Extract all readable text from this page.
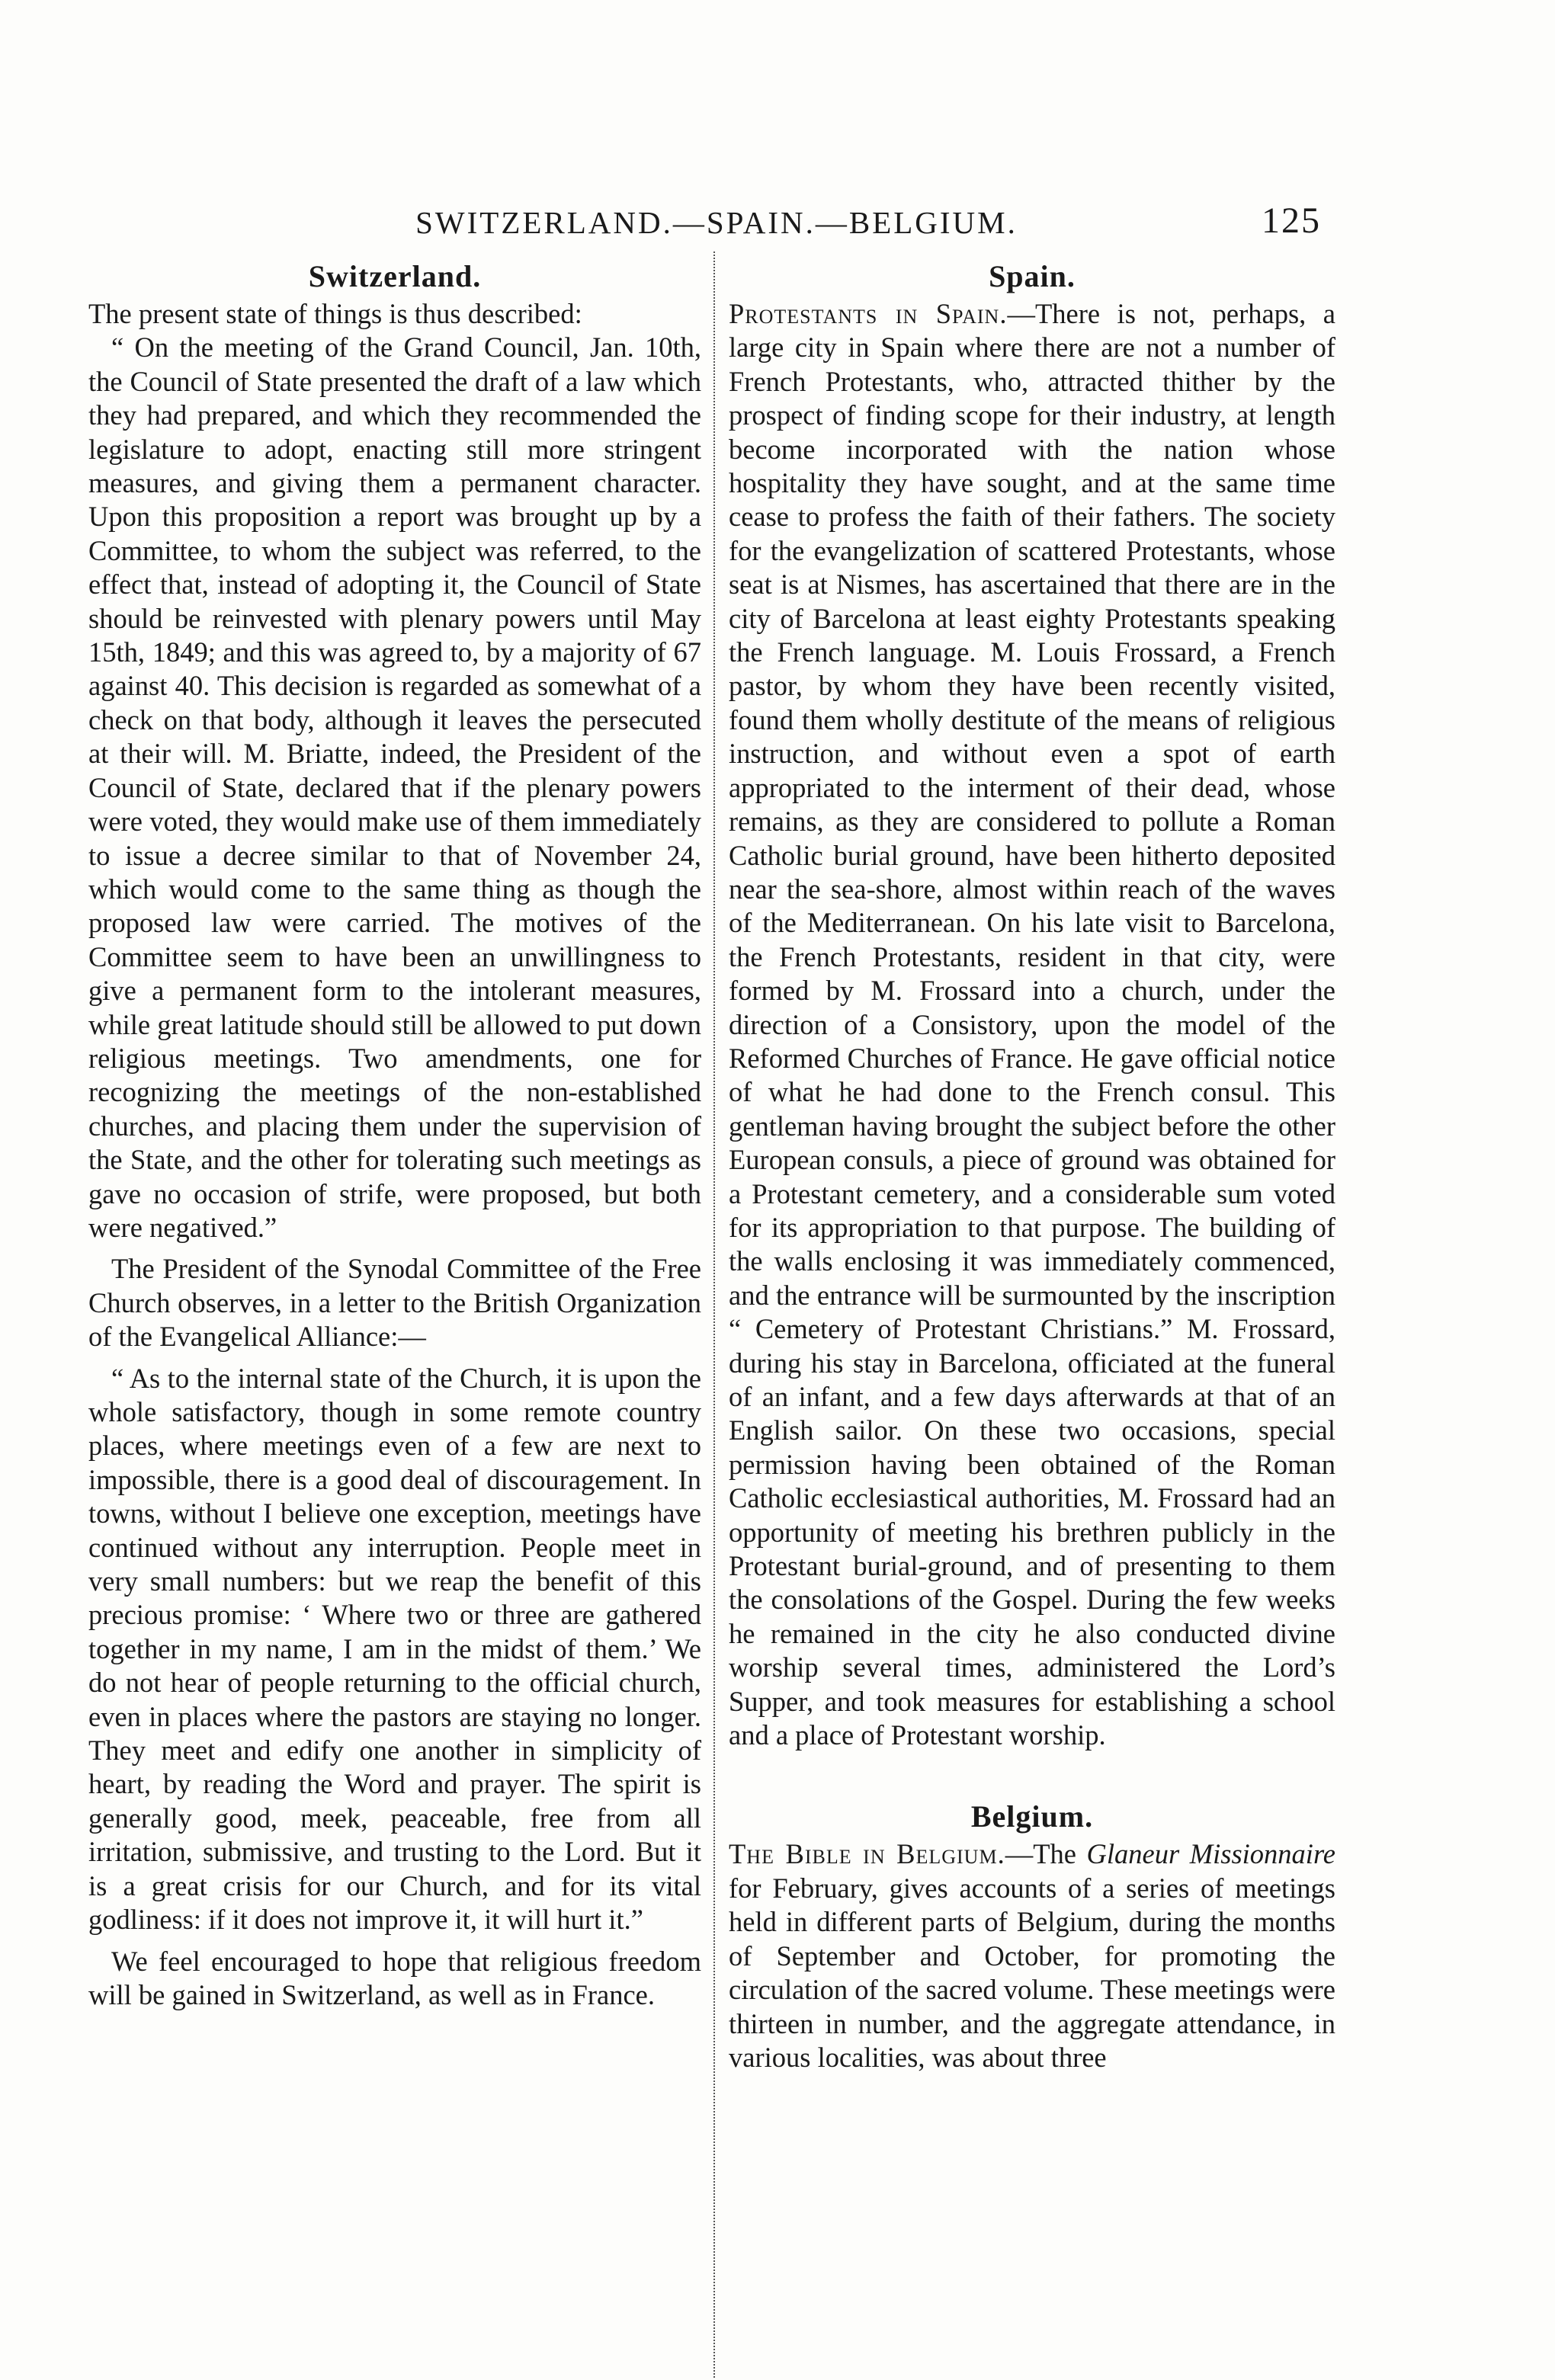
SWITZERLAND.—SPAIN.—BELGIUM.	125
Switzerland.

The present state of things is thus described:

“ On the meeting of the Grand Council, Jan. 10th, the Council of State presented the draft of a law which they had prepared, and which they recommended the legislature to adopt, enacting still more stringent measures, and giving them a permanent character. Upon this proposition a report was brought up by a Committee, to whom the subject was referred, to the effect that, instead of adopting it, the Council of State should be reinvested with plenary powers until May 15th, 1849; and this was agreed to, by a majority of 67 against 40. This decision is regarded as somewhat of a check on that body, although it leaves the persecuted at their will. M. Briatte, indeed, the President of the Council of State, declared that if the plenary powers were voted, they would make use of them immediately to issue a decree similar to that of November 24, which would come to the same thing as though the proposed law were carried. The motives of the Committee seem to have been an unwillingness to give a permanent form to the intolerant measures, while great latitude should still be allowed to put down religious meetings. Two amendments, one for recognizing the meetings of the non-established churches, and placing them under the supervision of the State, and the other for tolerating such meetings as gave no occasion of strife, were proposed, but both were negatived.”

The President of the Synodal Committee of the Free Church observes, in a letter to the British Organization of the Evangelical Alliance:—

“ As to the internal state of the Church, it is upon the whole satisfactory, though in some remote country places, where meetings even of a few are next to impossible, there is a good deal of discouragement. In towns, without I believe one exception, meetings have continued without any interruption. People meet in very small numbers: but we reap the benefit of this precious promise: ‘ Where two or three are gathered together in my name, I am in the midst of them.’ We do not hear of people returning to the official church, even in places where the pastors are staying no longer. They meet and edify one another in simplicity of heart, by reading the Word and prayer. The spirit is generally good, meek, peaceable, free from all irritation, submissive, and trusting to the Lord. But it is a great crisis for our Church, and for its vital godliness: if it does not improve it, it will hurt it.”

We feel encouraged to hope that religious freedom will be gained in Switzerland, as well as in France.

Spain.

Protestants in Spain.—There is not, perhaps, a large city in Spain where there are not a number of French Protestants, who, attracted thither by the prospect of finding scope for their industry, at length become incorporated with the nation whose hospitality they have sought, and at the same time cease to profess the faith of their fathers. The society for the evangelization of scattered Protestants, whose seat is at Nismes, has ascertained that there are in the city of Barcelona at least eighty Protestants speaking the French language. M. Louis Frossard, a French pastor, by whom they have been recently visited, found them wholly destitute of the means of religious instruction, and without even a spot of earth appropriated to the interment of their dead, whose remains, as they are considered to pollute a Roman Catholic burial ground, have been hitherto deposited near the sea-shore, almost within reach of the waves of the Mediterranean. On his late visit to Barcelona, the French Protestants, resident in that city, were formed by M. Frossard into a church, under the direction of a Consistory, upon the model of the Reformed Churches of France. He gave official notice of what he had done to the French consul. This gentleman having brought the subject before the other European consuls, a piece of ground was obtained for a Protestant cemetery, and a considerable sum voted for its appropriation to that purpose. The building of the walls enclosing it was immediately commenced, and the entrance will be surmounted by the inscription “ Cemetery of Protestant Christians.” M. Frossard, during his stay in Barcelona, officiated at the funeral of an infant, and a few days afterwards at that of an English sailor. On these two occasions, special permission having been obtained of the Roman Catholic ecclesiastical authorities, M. Frossard had an opportunity of meeting his brethren publicly in the Protestant burial-ground, and of presenting to them the consolations of the Gospel. During the few weeks he remained in the city he also conducted divine worship several times, administered the Lord’s Supper, and took measures for establishing a school and a place of Protestant worship.

Belgium.

The Bible in Belgium.—The Glaneur Missionnaire for February, gives accounts of a series of meetings held in different parts of Belgium, during the months of September and October, for promoting the circulation of the sacred volume. These meetings were thirteen in number, and the aggregate attendance, in various localities, was about three
